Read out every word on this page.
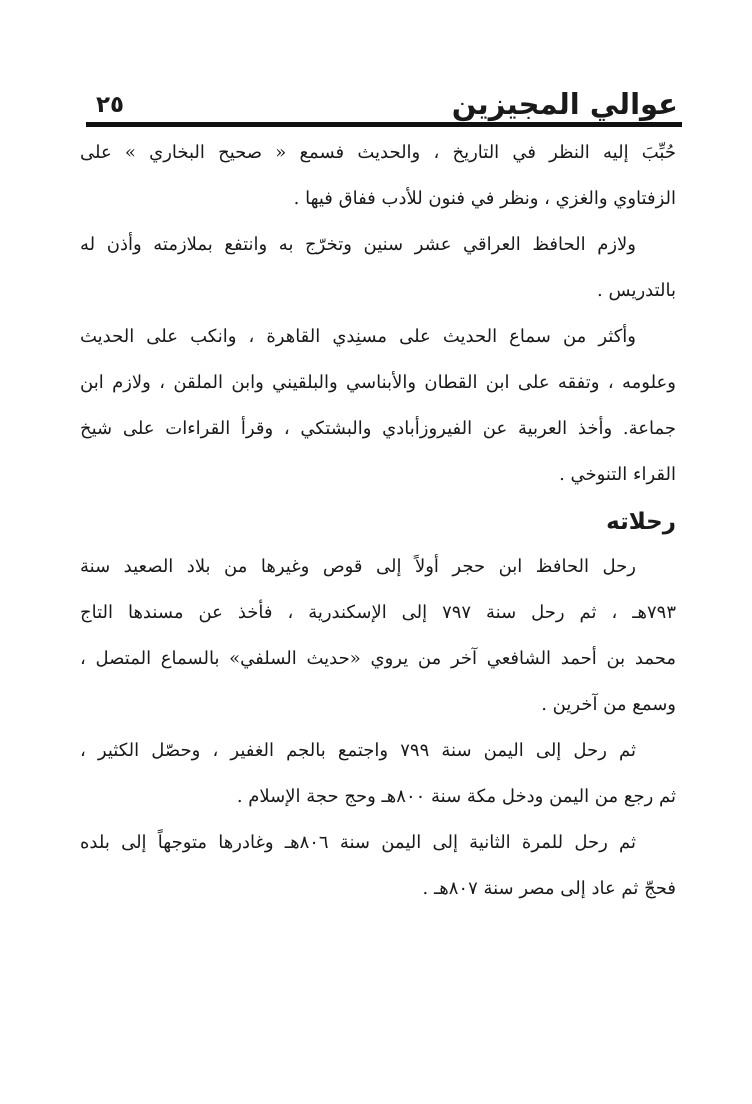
عوالي المجيزين
٢٥
حُبِّبَ إليه النظر في التاريخ ، والحديث فسمع « صحيح البخاري » على
الزفتاوي والغزي ، ونظر في فنون للأدب ففاق فيها .
ولازم الحافظ العراقي عشر سنين وتخرّج به وانتفع بملازمته وأذن له
بالتدريس .
وأكثر من سماع الحديث على مسنِدي القاهرة ، وانكب على الحديث
وعلومه ، وتفقه على ابن القطان والأبناسي والبلقيني وابن الملقن ، ولازم ابن
جماعة. وأخذ العربية عن الفيروزأبادي والبشتكي ، وقرأ القراءات على شيخ
القراء التنوخي .
رحلاته
رحل الحافظ ابن حجر أولاً إلى قوص وغيرها من بلاد الصعيد سنة
٧٩٣هـ ، ثم رحل سنة ٧٩٧ إلى الإسكندرية ، فأخذ عن مسندها التاج
محمد بن أحمد الشافعي آخر من يروي «حديث السلفي» بالسماع المتصل ،
وسمع من آخرين .
ثم رحل إلى اليمن سنة ٧٩٩ واجتمع بالجم الغفير ، وحصّل الكثير ،
ثم رجع من اليمن ودخل مكة سنة ٨٠٠هـ وحج حجة الإسلام .
ثم رحل للمرة الثانية إلى اليمن سنة ٨٠٦هـ وغادرها متوجهاً إلى بلده
فحجّ ثم عاد إلى مصر سنة ٨٠٧هـ .
